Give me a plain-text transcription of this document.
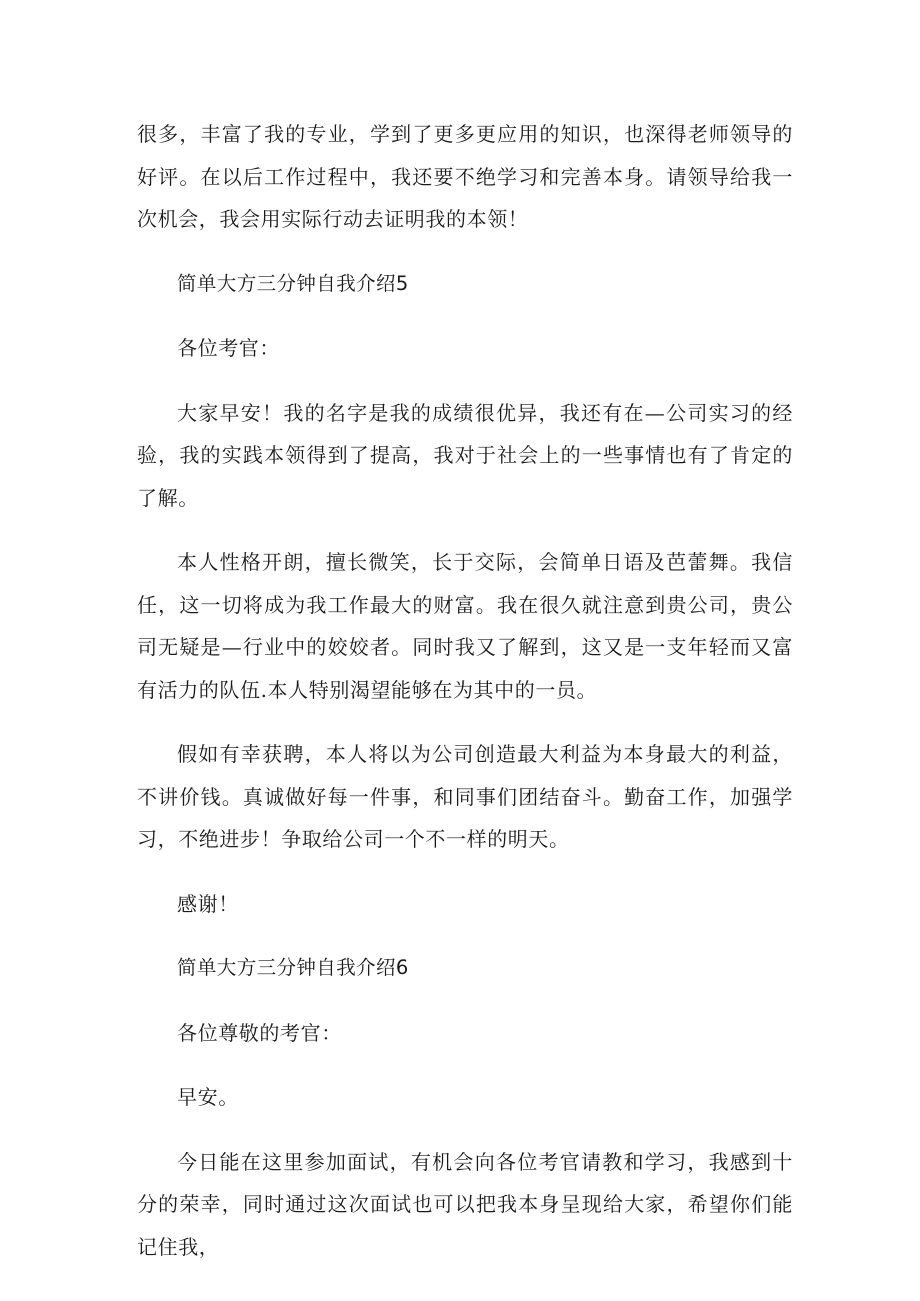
很多，丰富了我的专业，学到了更多更应用的知识，也深得老师领导的好评。在以后工作过程中，我还要不绝学习和完善本身。请领导给我一次机会，我会用实际行动去证明我的本领！

简单大方三分钟自我介绍5

各位考官：

大家早安！我的名字是我的成绩很优异，我还有在—公司实习的经验，我的实践本领得到了提高，我对于社会上的一些事情也有了肯定的了解。

本人性格开朗，擅长微笑，长于交际，会简单日语及芭蕾舞。我信任，这一切将成为我工作最大的财富。我在很久就注意到贵公司，贵公司无疑是—行业中的姣姣者。同时我又了解到，这又是一支年轻而又富有活力的队伍.本人特别渴望能够在为其中的一员。

假如有幸获聘，本人将以为公司创造最大利益为本身最大的利益，不讲价钱。真诚做好每一件事，和同事们团结奋斗。勤奋工作，加强学习，不绝进步！争取给公司一个不一样的明天。

感谢！

简单大方三分钟自我介绍6

各位尊敬的考官：

早安。

今日能在这里参加面试，有机会向各位考官请教和学习，我感到十分的荣幸，同时通过这次面试也可以把我本身呈现给大家，希望你们能记住我，
